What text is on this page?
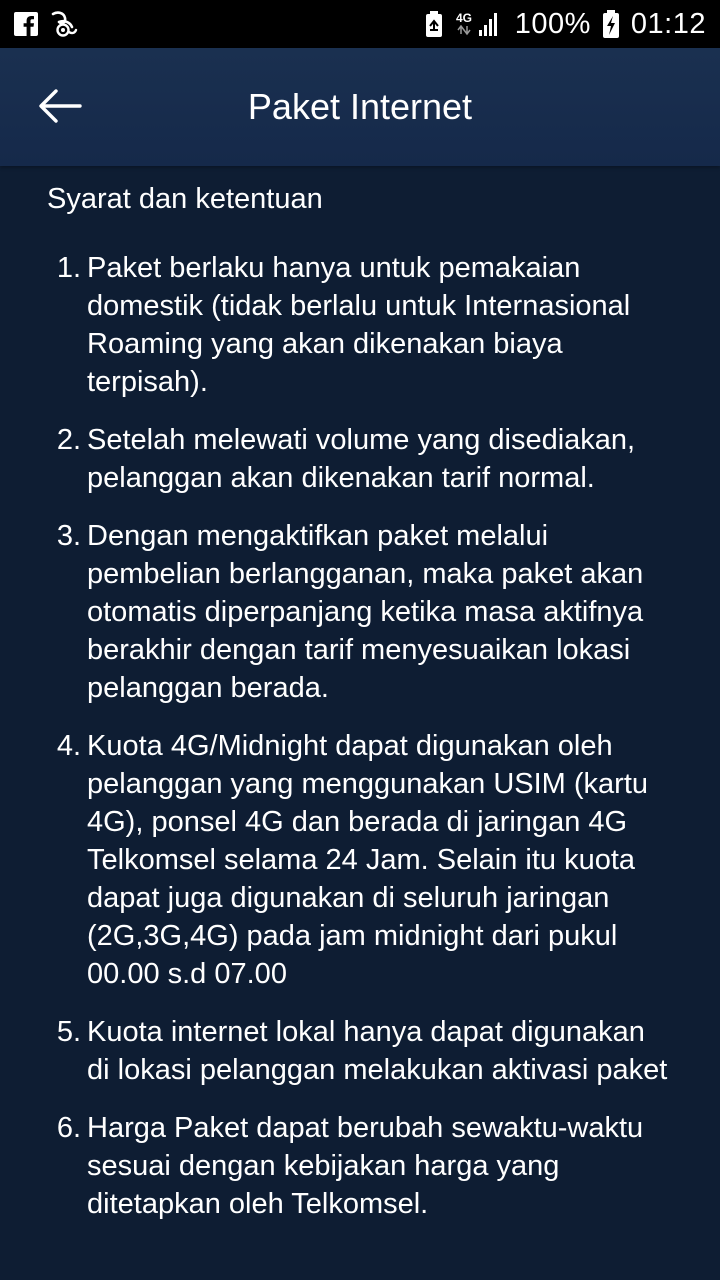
4G 100% 01:12
Paket Internet
Syarat dan ketentuan
1. Paket berlaku hanya untuk pemakaian domestik (tidak berlalu untuk Internasional Roaming yang akan dikenakan biaya terpisah).
2. Setelah melewati volume yang disediakan, pelanggan akan dikenakan tarif normal.
3. Dengan mengaktifkan paket melalui pembelian berlangganan, maka paket akan otomatis diperpanjang ketika masa aktifnya berakhir dengan tarif menyesuaikan lokasi pelanggan berada.
4. Kuota 4G/Midnight dapat digunakan oleh pelanggan yang menggunakan USIM (kartu 4G), ponsel 4G dan berada di jaringan 4G Telkomsel selama 24 Jam. Selain itu kuota dapat juga digunakan di seluruh jaringan (2G,3G,4G) pada jam midnight dari pukul 00.00 s.d 07.00
5. Kuota internet lokal hanya dapat digunakan di lokasi pelanggan melakukan aktivasi paket
6. Harga Paket dapat berubah sewaktu-waktu sesuai dengan kebijakan harga yang ditetapkan oleh Telkomsel.
